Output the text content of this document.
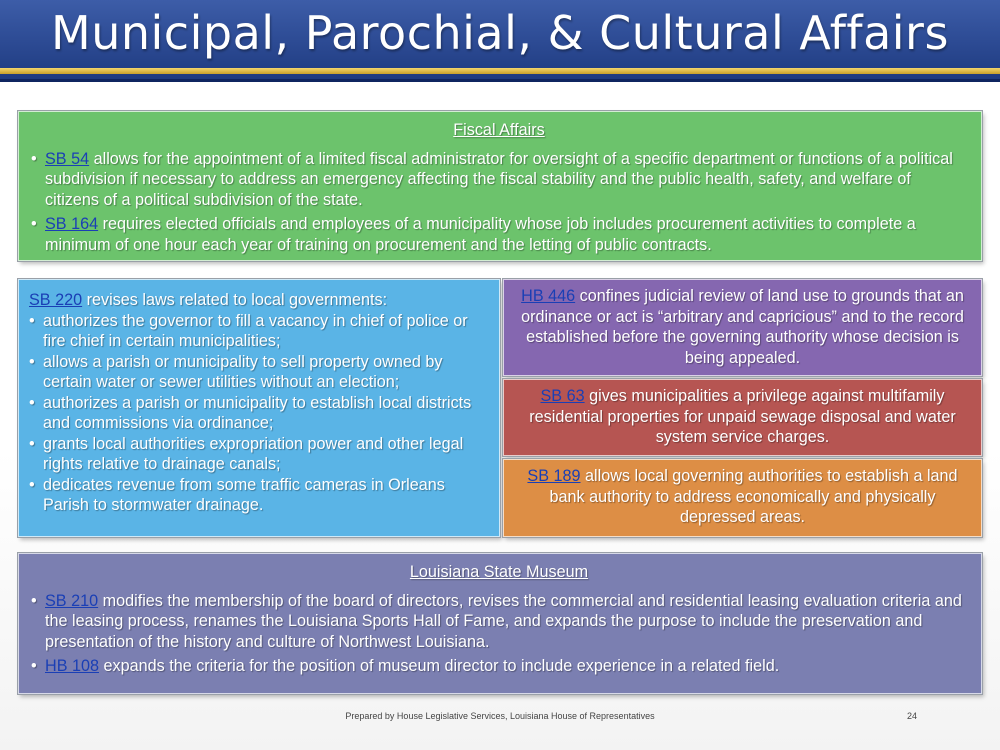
Municipal, Parochial, & Cultural Affairs
Fiscal Affairs
• SB 54 allows for the appointment of a limited fiscal administrator for oversight of a specific department or functions of a political subdivision if necessary to address an emergency affecting the fiscal stability and the public health, safety, and welfare of citizens of a political subdivision of the state.
• SB 164 requires elected officials and employees of a municipality whose job includes procurement activities to complete a minimum of one hour each year of training on procurement and the letting of public contracts.
SB 220 revises laws related to local governments:
• authorizes the governor to fill a vacancy in chief of police or fire chief in certain municipalities;
• allows a parish or municipality to sell property owned by certain water or sewer utilities without an election;
• authorizes a parish or municipality to establish local districts and commissions via ordinance;
• grants local authorities expropriation power and other legal rights relative to drainage canals;
• dedicates revenue from some traffic cameras in Orleans Parish to stormwater drainage.
HB 446 confines judicial review of land use to grounds that an ordinance or act is “arbitrary and capricious” and to the record established before the governing authority whose decision is being appealed.
SB 63 gives municipalities a privilege against multifamily residential properties for unpaid sewage disposal and water system service charges.
SB 189 allows local governing authorities to establish a land bank authority to address economically and physically depressed areas.
Louisiana State Museum
• SB 210 modifies the membership of the board of directors, revises the commercial and residential leasing evaluation criteria and the leasing process, renames the Louisiana Sports Hall of Fame, and expands the purpose to include the preservation and presentation of the history and culture of Northwest Louisiana.
• HB 108 expands the criteria for the position of museum director to include experience in a related field.
Prepared by House Legislative Services, Louisiana House of Representatives	24
